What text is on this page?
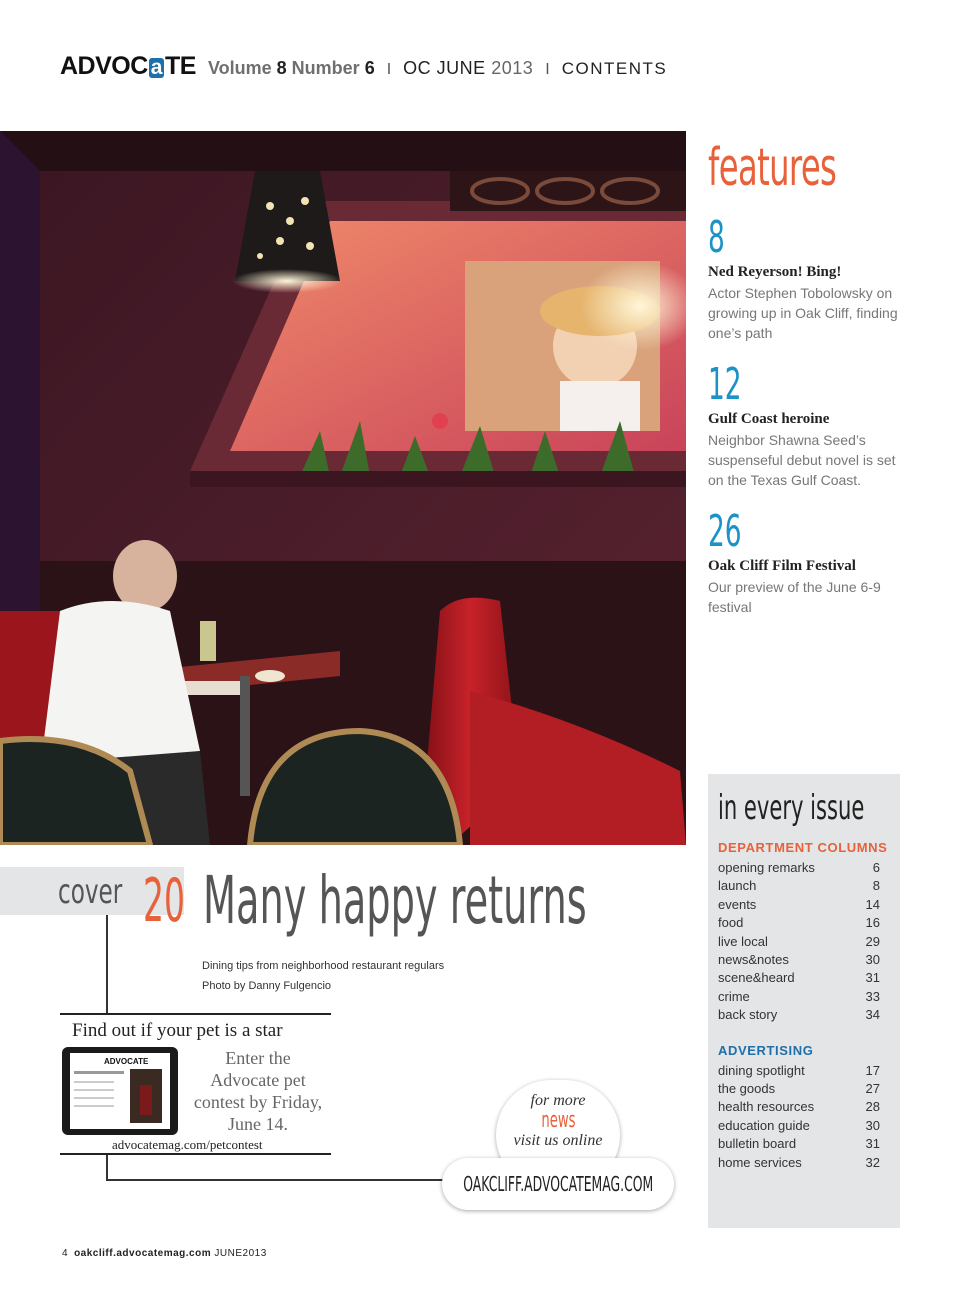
ADVOC a TE Volume 8 Number 6 I OC JUNE 2013 I CONTENTS
features
8
Ned Reyerson! Bing!
Actor Stephen Tobolowsky on growing up in Oak Cliff, finding one’s path
12
Gulf Coast heroine
Neighbor Shawna Seed’s suspenseful debut novel is set on the Texas Gulf Coast.
26
Oak Cliff Film Festival
Our preview of the June 6-9 festival
in every issue
DEPARTMENT COLUMNS
opening remarks	6
launch	8
events	14
food	16
live local	29
news&notes	30
scene&heard	31
crime	33
back story	34
ADVERTISING
dining spotlight	17
the goods	27
health resources	28
education guide	30
bulletin board	31
home services	32
cover 20 Many happy returns
Dining tips from neighborhood restaurant regulars
Photo by Danny Fulgencio
Find out if your pet is a star
ADVOCATE	Enter the Advocate pet contest by Friday, June 14.
advocatemag.com/petcontest
for more
news
visit us online
OAKCLIFF.ADVOCATEMAG.COM
4 oakcliff.advocatemag.com JUNE2013
